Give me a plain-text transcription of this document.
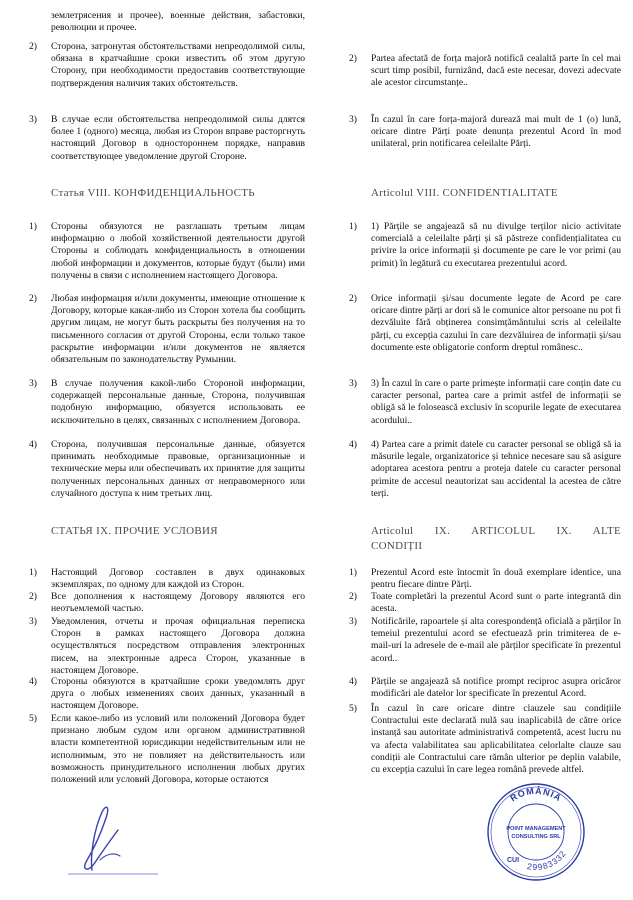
землетрясения и прочее), военные действия, забастовки, революции и прочее.
2) Сторона, затронутая обстоятельствами непреодолимой силы, обязана в кратчайшие сроки известить об этом другую Сторону, при необходимости предоставив соответствующие подтверждения наличия таких обстоятельств.
3) В случае если обстоятельства непреодолимой силы длятся более 1 (одного) месяца, любая из Сторон вправе расторгнуть настоящий Договор в одностороннем порядке, направив соответствующее уведомление другой Стороне.
Статья VIII. КОНФИДЕНЦИАЛЬНОСТЬ
1) Стороны обязуются не разглашать третьим лицам информацию о любой хозяйственной деятельности другой Стороны и соблюдать конфиденциальность в отношении любой информации и документов, которые будут (были) ими получены в связи с исполнением настоящего Договора.
2) Любая информация и/или документы, имеющие отношение к Договору, которые какая-либо из Сторон хотела бы сообщить другим лицам, не могут быть раскрыты без получения на то письменного согласия от другой Стороны, если только такое раскрытие информации и/или документов не является обязательным по законодательству Румынии.
3) В случае получения какой-либо Стороной информации, содержащей персональные данные, Сторона, получившая подобную информацию, обязуется использовать ее исключительно в целях, связанных с исполнением Договора.
4) Сторона, получившая персональные данные, обязуется принимать необходимые правовые, организационные и технические меры или обеспечивать их принятие для защиты полученных персональных данных от неправомерного или случайного доступа к ним третьих лиц.
СТАТЬЯ IX. ПРОЧИЕ УСЛОВИЯ
1) Настоящий Договор составлен в двух одинаковых экземплярах, по одному для каждой из Сторон.
2) Все дополнения к настоящему Договору являются его неотъемлемой частью.
3) Уведомления, отчеты и прочая официальная переписка Сторон в рамках настоящего Договора должна осуществляться посредством отправления электронных писем, на электронные адреса Сторон, указанные в настоящем Договоре.
4) Стороны обязуются в кратчайшие сроки уведомлять друг друга о любых изменениях своих данных, указанный в настоящем Договоре.
5) Если какое-либо из условий или положений Договора будет признано любым судом или органом административной власти компетентной юрисдикции недействительным или не исполнимым, это не повлияет на действительность или возможность принудительного исполнения любых других положений или условий Договора, которые остаются
2) Partea afectată de forța majoră notifică cealaltă parte în cel mai scurt timp posibil, furnizând, dacă este necesar, dovezi adecvate ale acestor circumstanțe..
3) În cazul în care forța-majoră durează mai mult de 1 (o) lună, oricare dintre Părți poate denunța prezentul Acord în mod unilateral, prin notificarea celeilalte Părți.
Articolul VIII. CONFIDENTIALITATE
1) 1) Părțile se angajează să nu divulge terților nicio activitate comercială a celeilalte părți și să păstreze confidențialitatea cu privire la orice informații și documente pe care le vor primi (au primit) în legătură cu executarea prezentului acord.
2) Orice informații și/sau documente legate de Acord pe care oricare dintre părți ar dori să le comunice altor persoane nu pot fi dezvăluite fără obținerea consimțământului scris al celeilalte părți, cu excepția cazului în care dezvăluirea de informații și/sau documente este obligatorie conform dreptul românesc..
3) 3) În cazul în care o parte primește informații care conțin date cu caracter personal, partea care a primit astfel de informații se obligă să le folosească exclusiv în scopurile legate de executarea acordului..
4) 4) Partea care a primit datele cu caracter personal se obligă să ia măsurile legale, organizatorice și tehnice necesare sau să asigure adoptarea acestora pentru a proteja datele cu caracter personal primite de accesul neautorizat sau accidental la acestea de către terți.
Articolul IX. ARTICOLUL IX. ALTE CONDIȚII
1) Prezentul Acord este întocmit în două exemplare identice, una pentru fiecare dintre Părți.
2) Toate completări la prezentul Acord sunt o parte integrantă din acesta.
3) Notificările, rapoartele și alta corespondență oficială a părților în temeiul prezentului acord se efectuează prin trimiterea de e-mail-uri la adresele de e-mail ale părților specificate în prezentul acord..
4) Părțile se angajează să notifice prompt reciproc asupra oricăror modificări ale datelor lor specificate în prezentul Acord.
5) În cazul în care oricare dintre clauzele sau condițiile Contractului este declarată nulă sau inaplicabilă de către orice instanță sau autoritate administrativă competentă, acest lucru nu va afecta valabilitatea sau aplicabilitatea celorlalte clauze sau condiții ale Contractului care rămân ulterior pe deplin valabile, cu excepția cazului în care legea română prevede altfel.
ROMÂNIA
29983332
CUI
POINT MANAGEMENT
CONSULTING SRL
